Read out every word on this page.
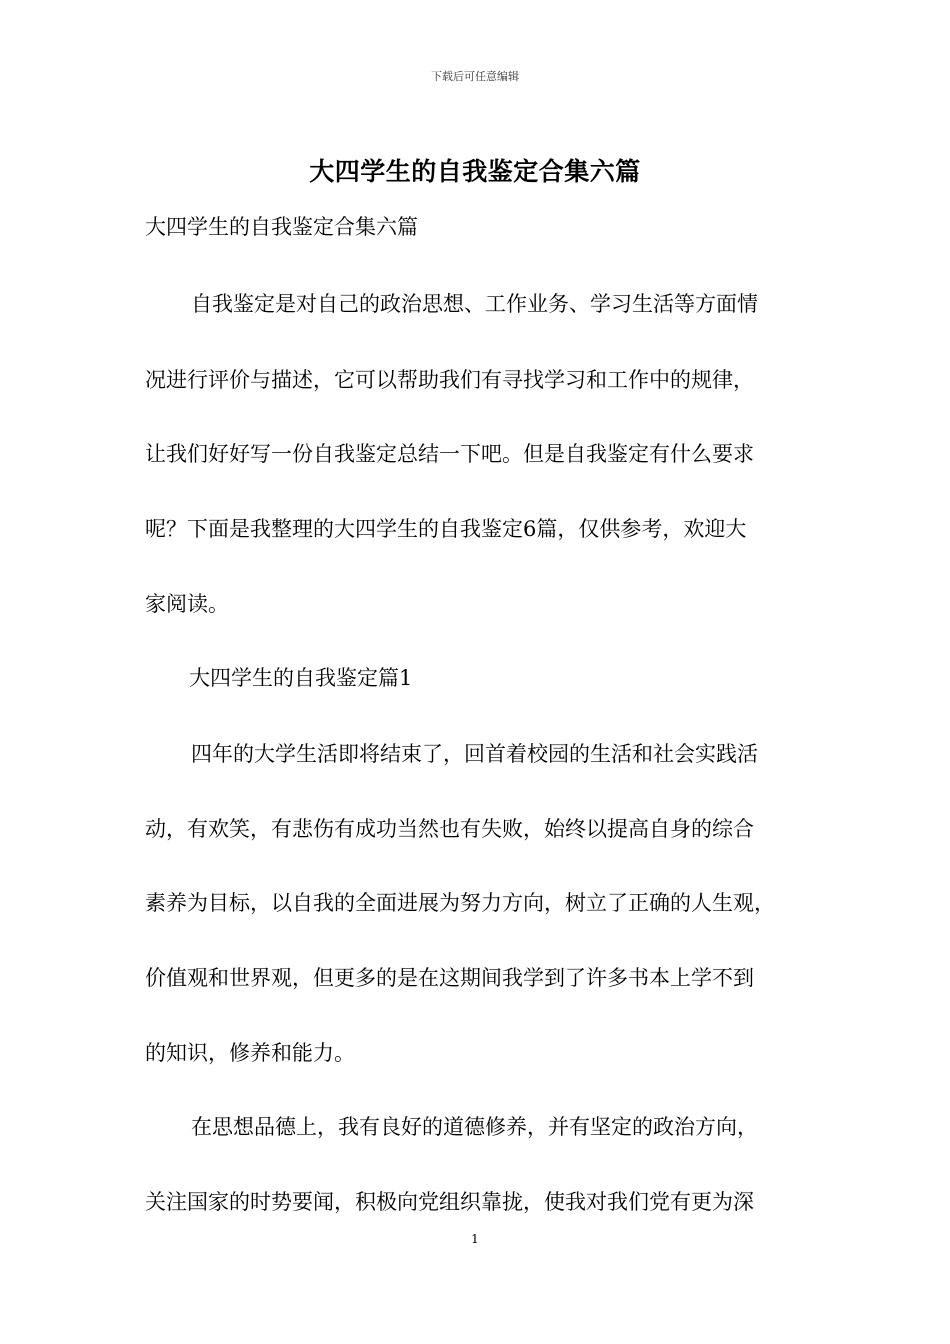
下载后可任意编辑
大四学生的自我鉴定合集六篇
大四学生的自我鉴定合集六篇
自我鉴定是对自己的政治思想、工作业务、学习生活等方面情
况进行评价与描述，它可以帮助我们有寻找学习和工作中的规律，
让我们好好写一份自我鉴定总结一下吧。但是自我鉴定有什么要求
呢？下面是我整理的大四学生的自我鉴定6篇，仅供参考，欢迎大
家阅读。
大四学生的自我鉴定篇1
四年的大学生活即将结束了，回首着校园的生活和社会实践活
动，有欢笑，有悲伤有成功当然也有失败，始终以提高自身的综合
素养为目标，以自我的全面进展为努力方向，树立了正确的人生观，
价值观和世界观，但更多的是在这期间我学到了许多书本上学不到
的知识，修养和能力。
在思想品德上，我有良好的道德修养，并有坚定的政治方向，
关注国家的时势要闻，积极向党组织靠拢，使我对我们党有更为深
1
